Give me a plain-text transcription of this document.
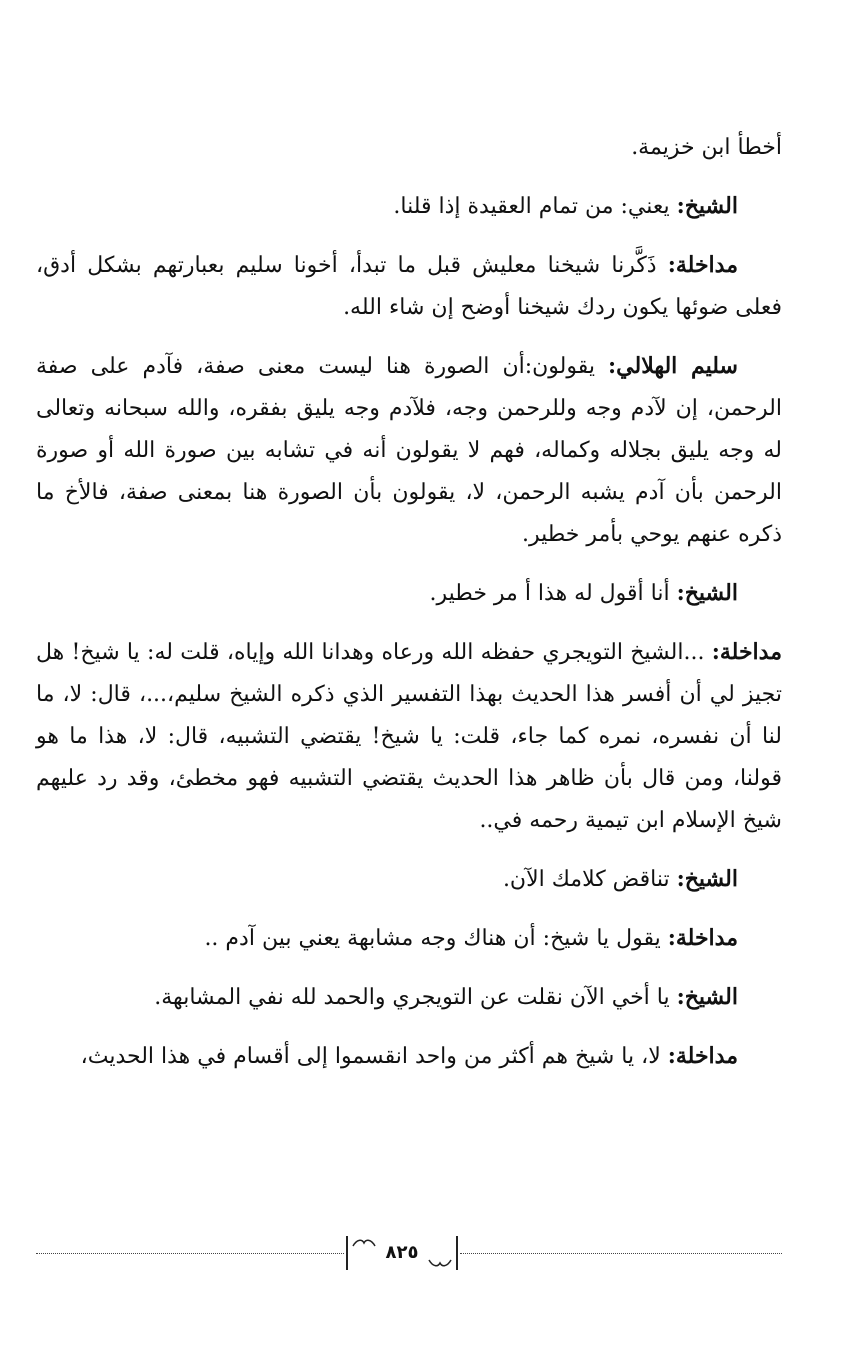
أخطأ ابن خزيمة.

الشيخ: يعني: من تمام العقيدة إذا قلنا.

مداخلة: ذَكَّرنا شيخنا معليش قبل ما تبدأ، أخونا سليم بعبارتهم بشكل أدق، فعلى ضوئها يكون ردك شيخنا أوضح إن شاء الله.

سليم الهلالي: يقولون:أن الصورة هنا ليست معنى صفة، فآدم على صفة الرحمن، إن لآدم وجه وللرحمن وجه، فلآدم وجه يليق بفقره، والله سبحانه وتعالى له وجه يليق بجلاله وكماله، فهم لا يقولون أنه في تشابه بين صورة الله أو صورة الرحمن بأن آدم يشبه الرحمن، لا، يقولون بأن الصورة هنا بمعنى صفة، فالأخ ما ذكره عنهم يوحي بأمر خطير.

الشيخ: أنا أقول له هذا أ مر خطير.

مداخلة: ...الشيخ التويجري حفظه الله ورعاه وهدانا الله وإياه، قلت له: يا شيخ! هل تجيز لي أن أفسر هذا الحديث بهذا التفسير الذي ذكره الشيخ سليم،...، قال: لا، ما لنا أن نفسره، نمره كما جاء، قلت: يا شيخ! يقتضي التشبيه، قال: لا، هذا ما هو قولنا، ومن قال بأن ظاهر هذا الحديث يقتضي التشبيه فهو مخطئ، وقد رد عليهم شيخ الإسلام ابن تيمية رحمه في..

الشيخ: تناقض كلامك الآن.

مداخلة: يقول يا شيخ: أن هناك وجه مشابهة يعني بين آدم ..

الشيخ: يا أخي الآن نقلت عن التويجري والحمد لله نفي المشابهة.

مداخلة: لا، يا شيخ هم أكثر من واحد انقسموا إلى أقسام في هذا الحديث،

٨٢٥
